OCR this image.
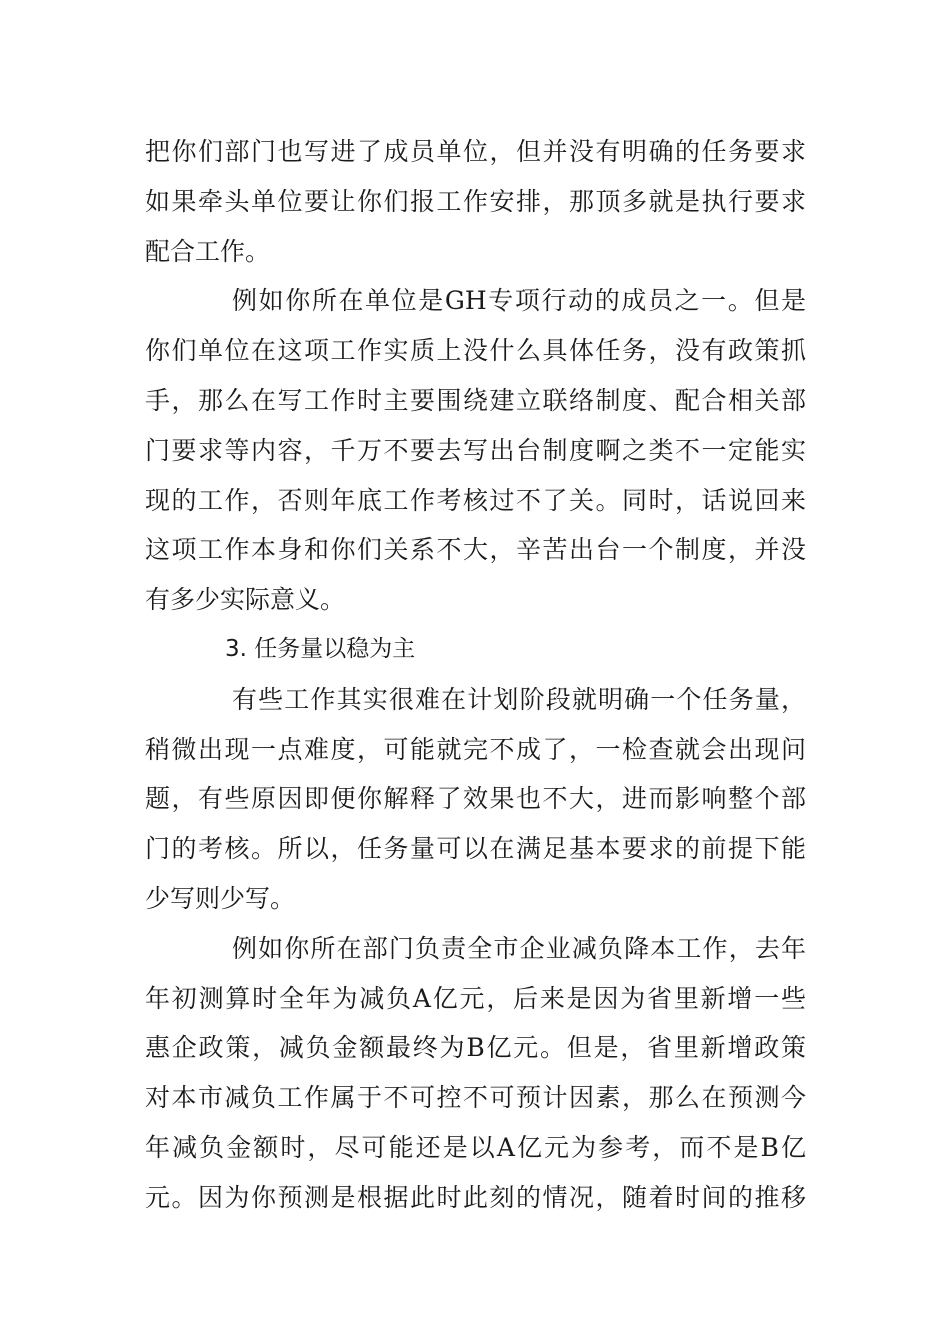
把你们部门也写进了成员单位，但并没有明确的任务要求
如果牵头单位要让你们报工作安排，那顶多就是执行要求
配合工作。
例如你所在单位是GH专项行动的成员之一。但是
你们单位在这项工作实质上没什么具体任务，没有政策抓
手，那么在写工作时主要围绕建立联络制度、配合相关部
门要求等内容，千万不要去写出台制度啊之类不一定能实
现的工作，否则年底工作考核过不了关。同时，话说回来
这项工作本身和你们关系不大，辛苦出台一个制度，并没
有多少实际意义。
3. 任务量以稳为主
有些工作其实很难在计划阶段就明确一个任务量，
稍微出现一点难度，可能就完不成了，一检查就会出现问
题，有些原因即便你解释了效果也不大，进而影响整个部
门的考核。所以，任务量可以在满足基本要求的前提下能
少写则少写。
例如你所在部门负责全市企业减负降本工作，去年
年初测算时全年为减负A亿元，后来是因为省里新增一些
惠企政策，减负金额最终为B亿元。但是，省里新增政策
对本市减负工作属于不可控不可预计因素，那么在预测今
年减负金额时，尽可能还是以A亿元为参考，而不是B亿
元。因为你预测是根据此时此刻的情况，随着时间的推移
